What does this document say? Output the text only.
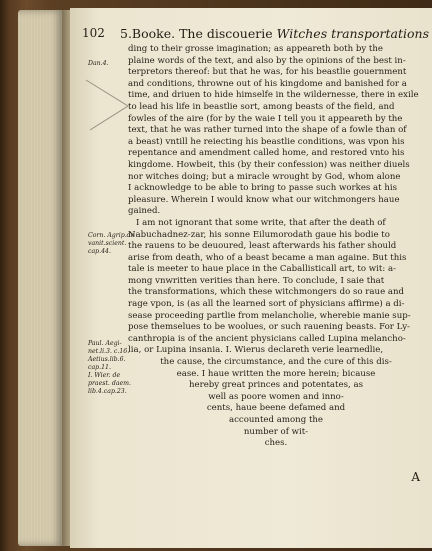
102 5.Booke. The discouerie Witches transportations
Dan.4.
Corn. Agrip.de
vanit.scient.
cap.44.
Paul. Aegi-
net.li.3. c.16.
Aetius.lib.6.
cap.11.
I. Wier. de
praest. daem.
lib.4.cap.23.
ding to their grosse imagination; as appeareth both by the
plaine words of the text, and also by the opinions of the best in-
terpretors thereof: but that he was, for his beastlie gouernment
and conditions, throwne out of his kingdome and banished for a
time, and driuen to hide himselfe in the wildernesse, there in exile
to lead his life in beastlie sort, among beasts of the field, and
fowles of the aire (for by the waie I tell you it appeareth by the
text, that he was rather turned into the shape of a fowle than of
a beast) vntill he reiecting his beastlie conditions, was vpon his
repentance and amendment called home, and restored vnto his
kingdome. Howbeit, this (by their confession) was neither diuels
nor witches doing; but a miracle wrought by God, whom alone
I acknowledge to be able to bring to passe such workes at his
pleasure. Wherein I would know what our witchmongers haue
gained.
I am not ignorant that some write, that after the death of
Nabuchadnez-zar, his sonne Eilumorodath gaue his bodie to
the rauens to be deuoured, least afterwards his father should
arise from death, who of a beast became a man againe. But this
tale is meeter to haue place in the Caballisticall art, to wit: a-
mong vnwritten verities than here. To conclude, I saie that
the transformations, which these witchmongers do so raue and
rage vpon, is (as all the learned sort of physicians affirme) a di-
sease proceeding partlie from melancholie, wherebie manie sup-
pose themselues to be woolues, or such rauening beasts. For Ly-
canthropia is of the ancient physicians called Lupina melancho-
lia, or Lupina insania. I. Wierus declareth verie learnedlie,
the cause, the circumstance, and the cure of this dis-
ease. I haue written the more herein; bicause
hereby great princes and potentates, as
well as poore women and inno-
cents, haue beene defamed and
accounted among the
number of wit-
ches.
A
